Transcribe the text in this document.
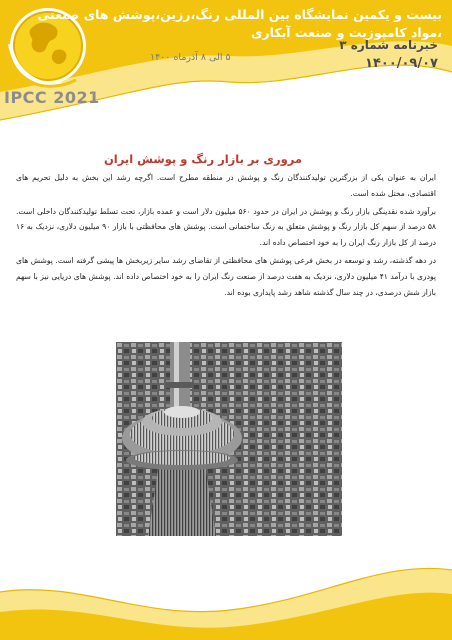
IPCC 2021
بیست و یکمین نمایشگاه بین المللی رنگ،رزین،پوشش های صنعتی
،مواد کامپوزیت و صنعت آبکاری
۵ الی ۸ آذرماه ۱۴۰۰
خبرنامه شماره ۳
۱۴۰۰/۰۹/۰۷
مروری بر بازار رنگ و پوشش ایران

ایران به عنوان یکی از بزرگترین تولیدکنندگان رنگ و پوشش در منطقه مطرح است. اگرچه رشد این بخش به دلیل تحریم های اقتصادی، مختل شده است.

برآورد شده نقدینگی بازار رنگ و پوشش در ایران در حدود ۵۶۰ میلیون دلار است و عمده بازار، تحت تسلط تولیدکنندگان داخلی است. ۵۸ درصد از سهم کل بازار رنگ و پوشش متعلق به رنگ ساختمانی است. پوشش های محافظتی با بازار ۹۰ میلیون دلاری، نزدیک به ۱۶ درصد از کل بازار رنگ ایران را به خود اختصاص داده اند.

در دهه گذشته، رشد و توسعه در بخش فرعی پوشش های محافظتی از تقاضای رشد سایر زیربخش ها پیشی گرفته است. پوشش های پودری با درآمد ۴۱ میلیون دلاری، نزدیک به هفت درصد از صنعت رنگ ایران را به خود اختصاص داده اند. پوشش های دریایی نیز با سهم بازار شش درصدی، در چند سال گذشته شاهد رشد پایداری بوده اند.
